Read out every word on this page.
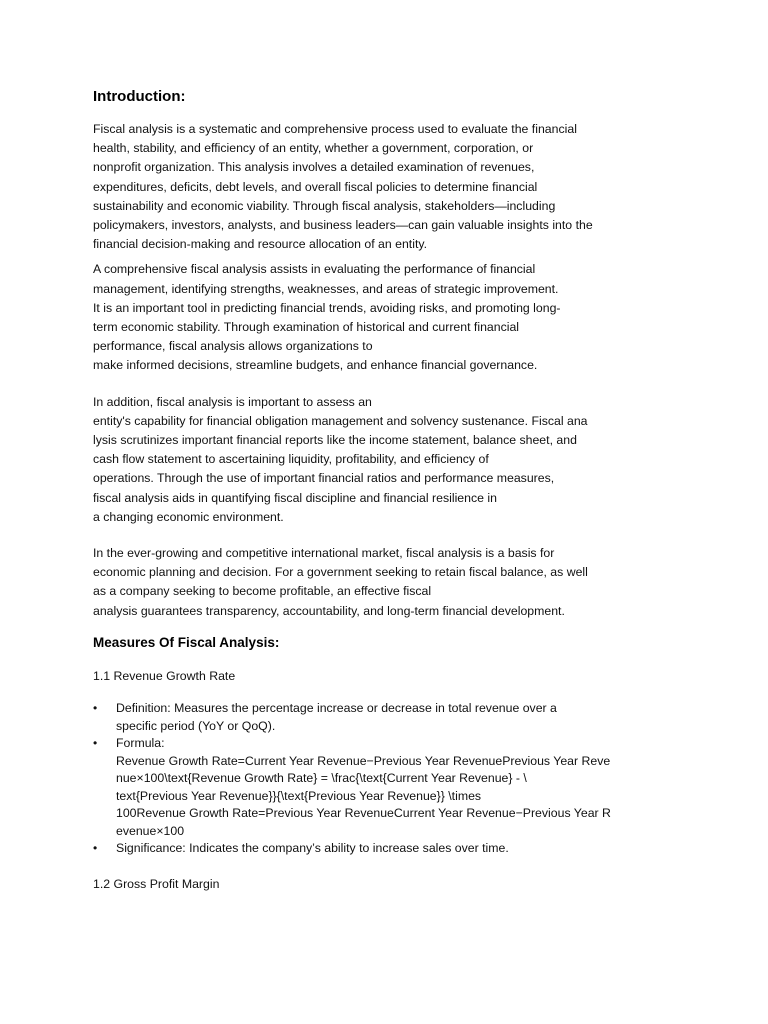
Introduction:
Fiscal analysis is a systematic and comprehensive process used to evaluate the financial
health, stability, and efficiency of an entity, whether a government, corporation, or
nonprofit organization. This analysis involves a detailed examination of revenues,
expenditures, deficits, debt levels, and overall fiscal policies to determine financial
sustainability and economic viability. Through fiscal analysis, stakeholders—including
policymakers, investors, analysts, and business leaders—can gain valuable insights into the
financial decision-making and resource allocation of an entity.
A comprehensive fiscal analysis assists in evaluating the performance of financial
management, identifying strengths, weaknesses, and areas of strategic improvement.
It is an important tool in predicting financial trends, avoiding risks, and promoting long-
term economic stability. Through examination of historical and current financial
performance, fiscal analysis allows organizations to
make informed decisions, streamline budgets, and enhance financial governance.
In addition, fiscal analysis is important to assess an
entity's capability for financial obligation management and solvency sustenance. Fiscal ana
lysis scrutinizes important financial reports like the income statement, balance sheet, and
cash flow statement to ascertaining liquidity, profitability, and efficiency of
operations. Through the use of important financial ratios and performance measures,
fiscal analysis aids in quantifying fiscal discipline and financial resilience in
a changing economic environment.
In the ever-growing and competitive international market, fiscal analysis is a basis for
economic planning and decision. For a government seeking to retain fiscal balance, as well
as a company seeking to become profitable, an effective fiscal
analysis guarantees transparency, accountability, and long-term financial development.
Measures Of Fiscal Analysis:

1.1 Revenue Growth Rate

• Definition: Measures the percentage increase or decrease in total revenue over a
specific period (YoY or QoQ).
• Formula:
Revenue Growth Rate=Current Year Revenue−Previous Year RevenuePrevious Year Reve
nue×100\text{Revenue Growth Rate} = \frac{\text{Current Year Revenue} - \
text{Previous Year Revenue}}{\text{Previous Year Revenue}} \times
100Revenue Growth Rate=Previous Year RevenueCurrent Year Revenue−Previous Year R
evenue×100
• Significance: Indicates the company’s ability to increase sales over time.

1.2 Gross Profit Margin
